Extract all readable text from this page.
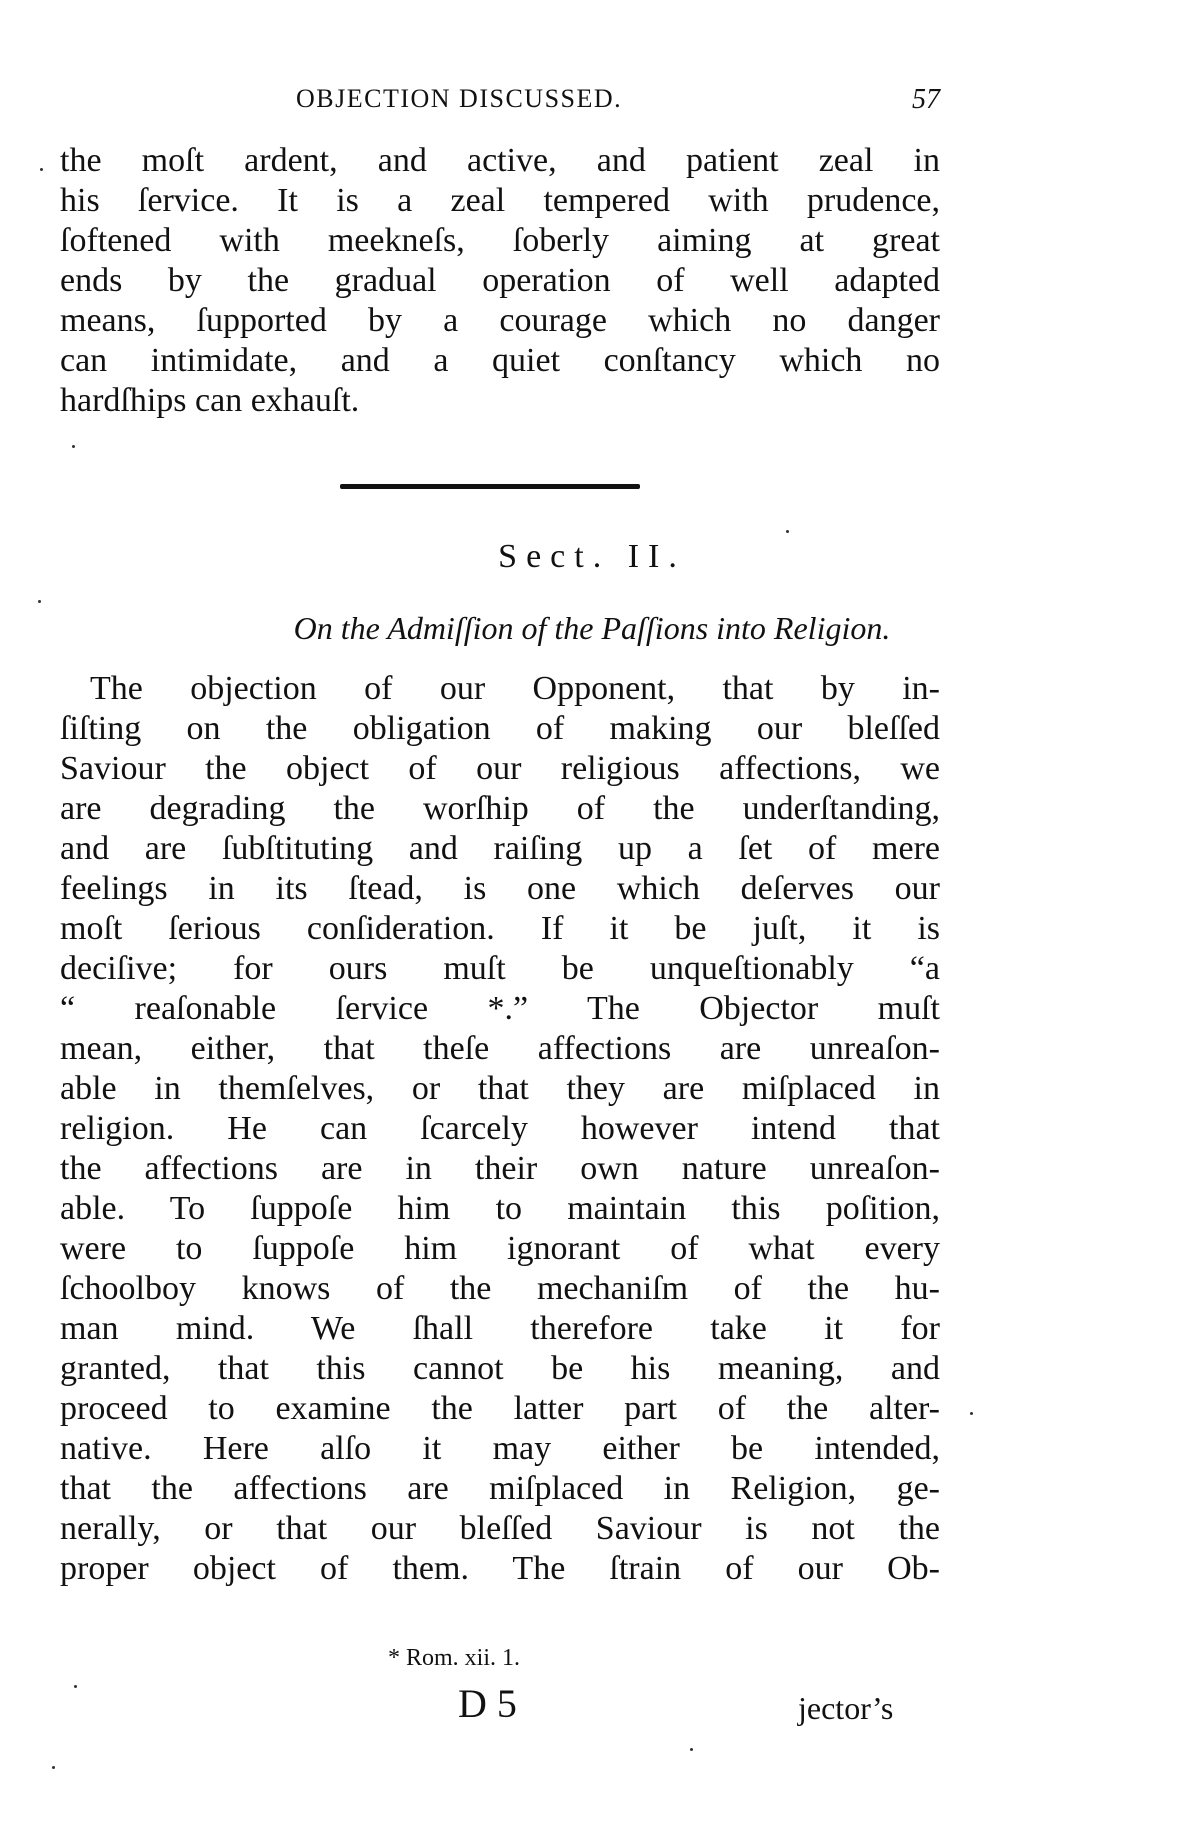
OBJECTION DISCUSSED.	57
the moſt ardent, and active, and patient zeal in
his ſervice. It is a zeal tempered with prudence,
ſoftened with meekneſs, ſoberly aiming at great
ends by the gradual operation of well adapted
means, ſupported by a courage which no danger
can intimidate, and a quiet conſtancy which no
hardſhips can exhauſt.
Sect. II.
On the Admiſſion of the Paſſions into Religion.
The objection of our Opponent, that by in-
ſiſting on the obligation of making our bleſſed
Saviour the object of our religious affections, we
are degrading the worſhip of the underſtanding,
and are ſubſtituting and raiſing up a ſet of mere
feelings in its ſtead, is one which deſerves our
moſt ſerious conſideration. If it be juſt, it is
deciſive; for ours muſt be unqueſtionably “a
“ reaſonable ſervice *.” The Objector muſt
mean, either, that theſe affections are unreaſon-
able in themſelves, or that they are miſplaced in
religion. He can ſcarcely however intend that
the affections are in their own nature unreaſon-
able. To ſuppoſe him to maintain this poſition,
were to ſuppoſe him ignorant of what every
ſchoolboy knows of the mechaniſm of the hu-
man mind. We ſhall therefore take it for
granted, that this cannot be his meaning, and
proceed to examine the latter part of the alter-
native. Here alſo it may either be intended,
that the affections are miſplaced in Religion, ge-
nerally, or that our bleſſed Saviour is not the
proper object of them. The ſtrain of our Ob-
* Rom. xii. 1.
D 5	jector’s
